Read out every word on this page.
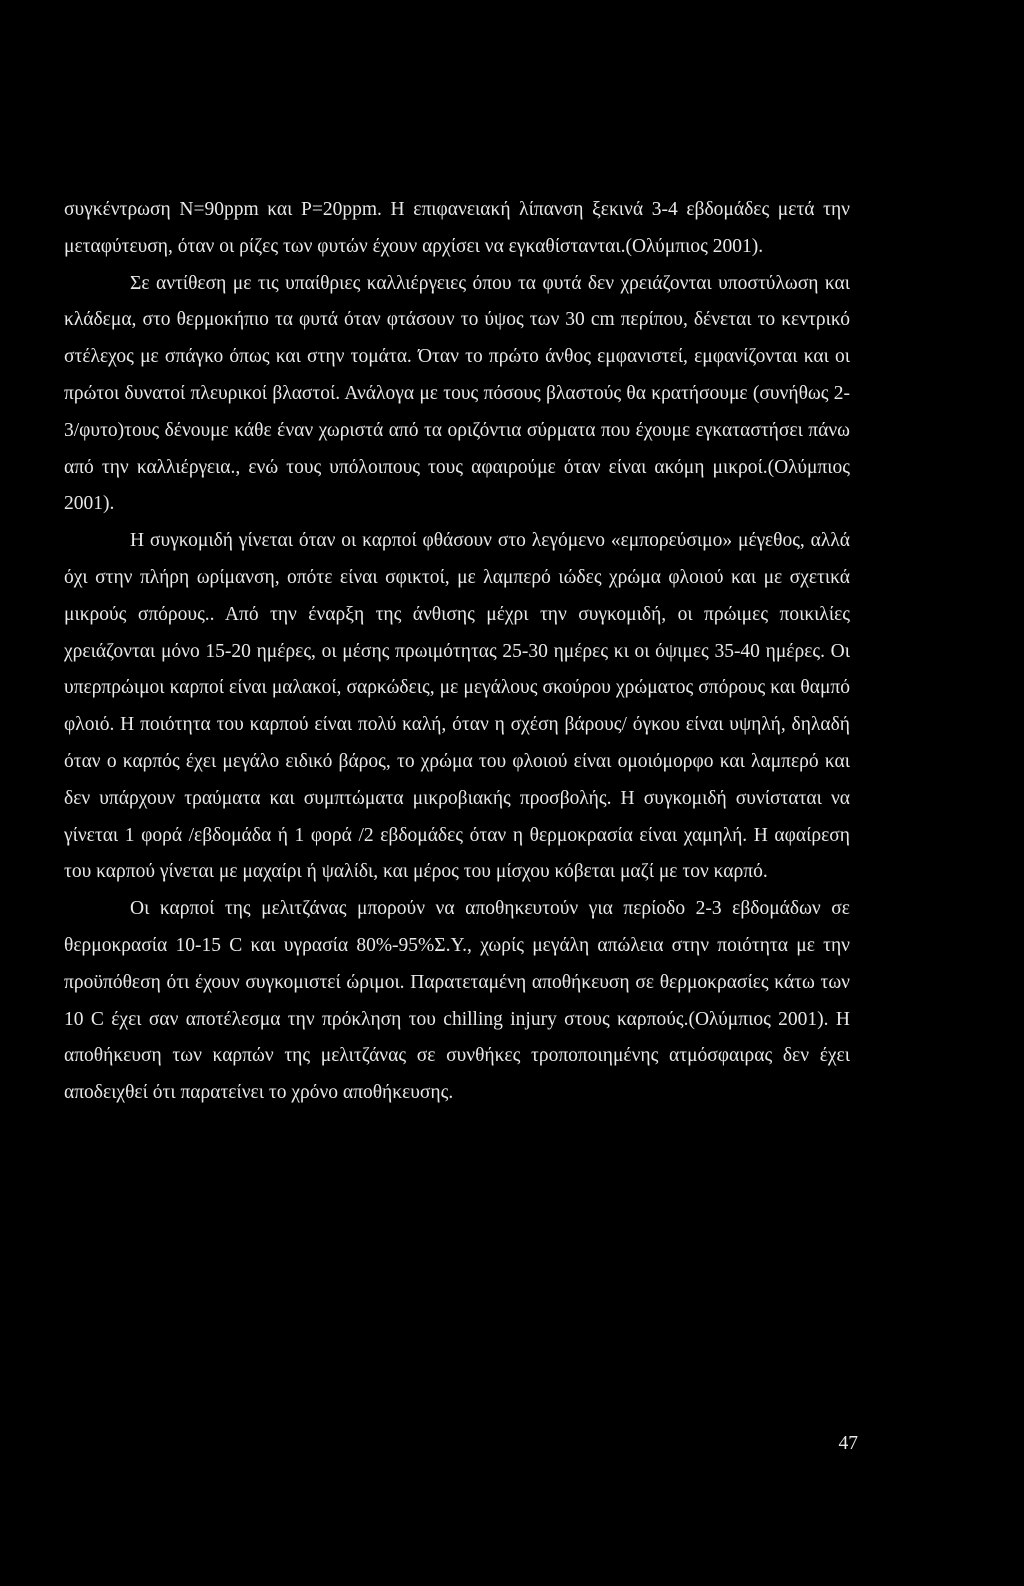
συγκέντρωση N=90ppm και P=20ppm. Η επιφανειακή λίπανση ξεκινά 3-4 εβδομάδες μετά την μεταφύτευση, όταν οι ρίζες των φυτών έχουν αρχίσει να εγκαθίστανται.(Ολύμπιος 2001).

Σε αντίθεση με τις υπαίθριες καλλιέργειες όπου τα φυτά δεν χρειάζονται υποστύλωση και κλάδεμα, στο θερμοκήπιο τα φυτά όταν φτάσουν το ύψος των 30 cm περίπου, δένεται το κεντρικό στέλεχος με σπάγκο όπως και στην τομάτα. Όταν το πρώτο άνθος εμφανιστεί, εμφανίζονται και οι πρώτοι δυνατοί πλευρικοί βλαστοί. Ανάλογα με τους πόσους βλαστούς θα κρατήσουμε (συνήθως 2-3/φυτο)τους δένουμε κάθε έναν χωριστά από τα οριζόντια σύρματα που έχουμε εγκαταστήσει πάνω από την καλλιέργεια., ενώ τους υπόλοιπους τους αφαιρούμε όταν είναι ακόμη μικροί.(Ολύμπιος 2001).

Η συγκομιδή γίνεται όταν οι καρποί φθάσουν στο λεγόμενο «εμπορεύσιμο» μέγεθος, αλλά όχι στην πλήρη ωρίμανση, οπότε είναι σφικτοί, με λαμπερό ιώδες χρώμα φλοιού και με σχετικά μικρούς σπόρους.. Από την έναρξη της άνθισης μέχρι την συγκομιδή, οι πρώιμες ποικιλίες χρειάζονται μόνο 15-20 ημέρες, οι μέσης πρωιμότητας 25-30 ημέρες κι οι όψιμες 35-40 ημέρες. Οι υπερπρώιμοι καρποί είναι μαλακοί, σαρκώδεις, με μεγάλους σκούρου χρώματος σπόρους και θαμπό φλοιό. Η ποιότητα του καρπού είναι πολύ καλή, όταν η σχέση βάρους/ όγκου είναι υψηλή, δηλαδή όταν ο καρπός έχει μεγάλο ειδικό βάρος, το χρώμα του φλοιού είναι ομοιόμορφο και λαμπερό και δεν υπάρχουν τραύματα και συμπτώματα μικροβιακής προσβολής. Η συγκομιδή συνίσταται να γίνεται 1 φορά /εβδομάδα ή 1 φορά /2 εβδομάδες όταν η θερμοκρασία είναι χαμηλή. Η αφαίρεση του καρπού γίνεται με μαχαίρι ή ψαλίδι, και μέρος του μίσχου κόβεται μαζί με τον καρπό.

Οι καρποί της μελιτζάνας μπορούν να αποθηκευτούν για περίοδο 2-3 εβδομάδων σε θερμοκρασία 10-15 C και υγρασία 80%-95%Σ.Υ., χωρίς μεγάλη απώλεια στην ποιότητα με την προϋπόθεση ότι έχουν συγκομιστεί ώριμοι. Παρατεταμένη αποθήκευση σε θερμοκρασίες κάτω των 10 C έχει σαν αποτέλεσμα την πρόκληση του chilling injury στους καρπούς.(Ολύμπιος 2001). Η αποθήκευση των καρπών της μελιτζάνας σε συνθήκες τροποποιημένης ατμόσφαιρας δεν έχει αποδειχθεί ότι παρατείνει το χρόνο αποθήκευσης.

47
